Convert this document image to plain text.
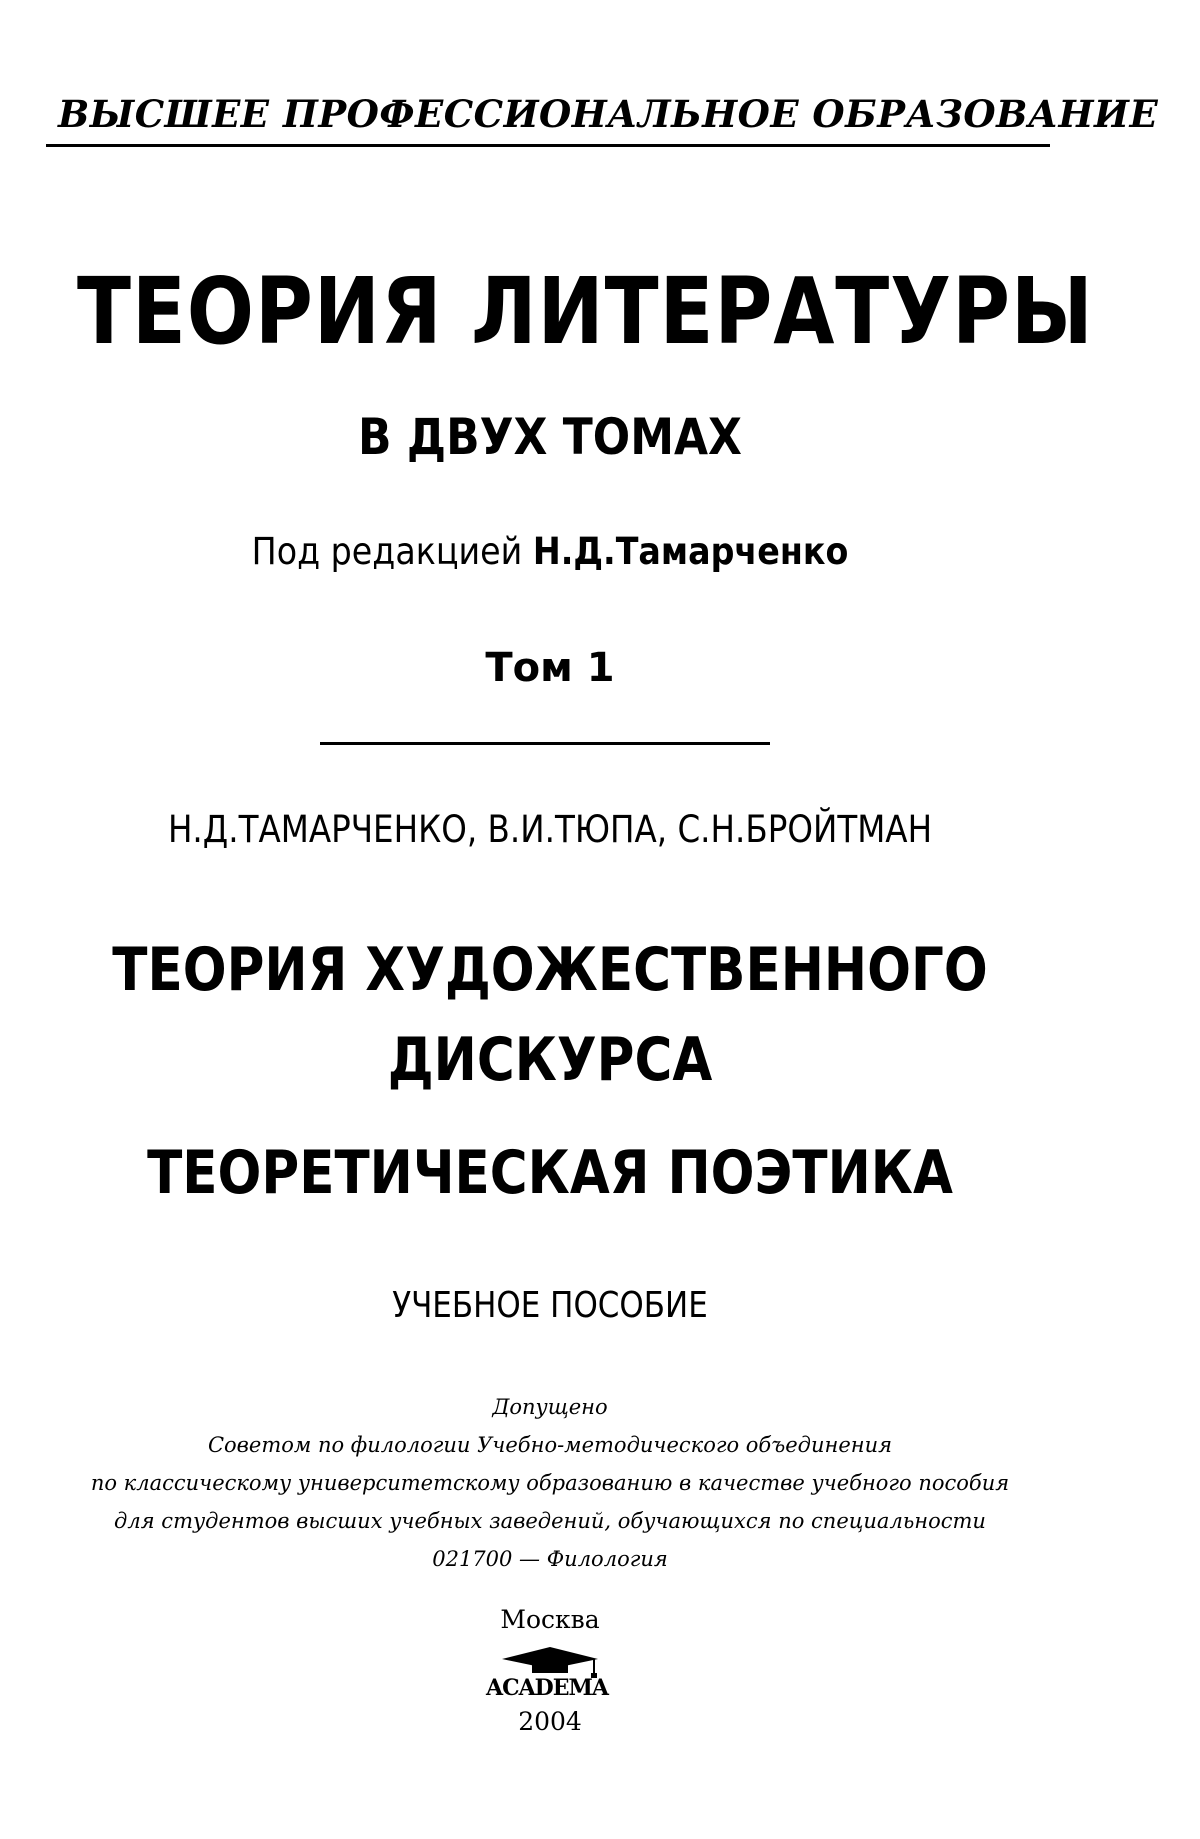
ВЫСШЕЕ ПРОФЕССИОНАЛЬНОЕ ОБРАЗОВАНИЕ
ТЕОРИЯ ЛИТЕРАТУРЫ
В ДВУХ ТОМАХ
Под редакцией Н.Д.Тамарченко
Том 1
Н.Д.ТАМАРЧЕНКО, В.И.ТЮПА, С.Н.БРОЙТМАН
ТЕОРИЯ ХУДОЖЕСТВЕННОГО
ДИСКУРСА
ТЕОРЕТИЧЕСКАЯ ПОЭТИКА
УЧЕБНОЕ ПОСОБИЕ
Допущено
Советом по филологии Учебно-методического объединения
по классическому университетскому образованию в качестве учебного пособия
для студентов высших учебных заведений, обучающихся по специальности
021700 — Филология
Москва
ACADEMA
2004
